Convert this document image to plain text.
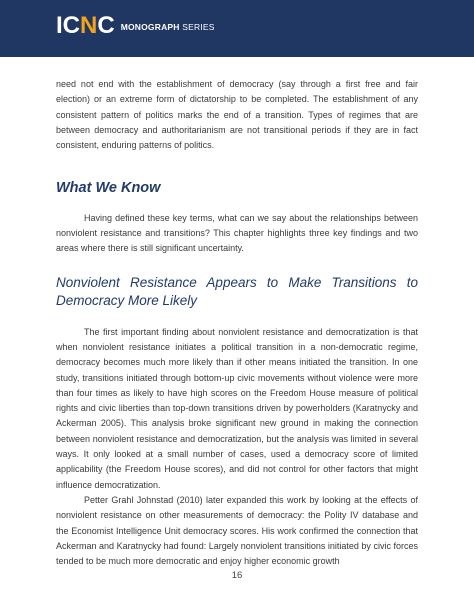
ICNC MONOGRAPH SERIES

need not end with the establishment of democracy (say through a first free and fair election) or an extreme form of dictatorship to be completed. The establishment of any consistent pattern of politics marks the end of a transition. Types of regimes that are between democracy and authoritarianism are not transitional periods if they are in fact consistent, enduring patterns of politics.

What We Know

Having defined these key terms, what can we say about the relationships between nonviolent resistance and transitions? This chapter highlights three key findings and two areas where there is still significant uncertainty.

Nonviolent Resistance Appears to Make Transitions to Democracy More Likely

The first important finding about nonviolent resistance and democratization is that when nonviolent resistance initiates a political transition in a non-democratic regime, democracy becomes much more likely than if other means initiated the transition. In one study, transitions initiated through bottom-up civic movements without violence were more than four times as likely to have high scores on the Freedom House measure of political rights and civic liberties than top-down transitions driven by powerholders (Karatnycky and Ackerman 2005). This analysis broke significant new ground in making the connection between nonviolent resistance and democratization, but the analysis was limited in several ways. It only looked at a small number of cases, used a democracy score of limited applicability (the Freedom House scores), and did not control for other factors that might influence democratization.

Petter Grahl Johnstad (2010) later expanded this work by looking at the effects of nonviolent resistance on other measurements of democracy: the Polity IV database and the Economist Intelligence Unit democracy scores. His work confirmed the connection that Ackerman and Karatnycky had found: Largely nonviolent transitions initiated by civic forces tended to be much more democratic and enjoy higher economic growth

16
